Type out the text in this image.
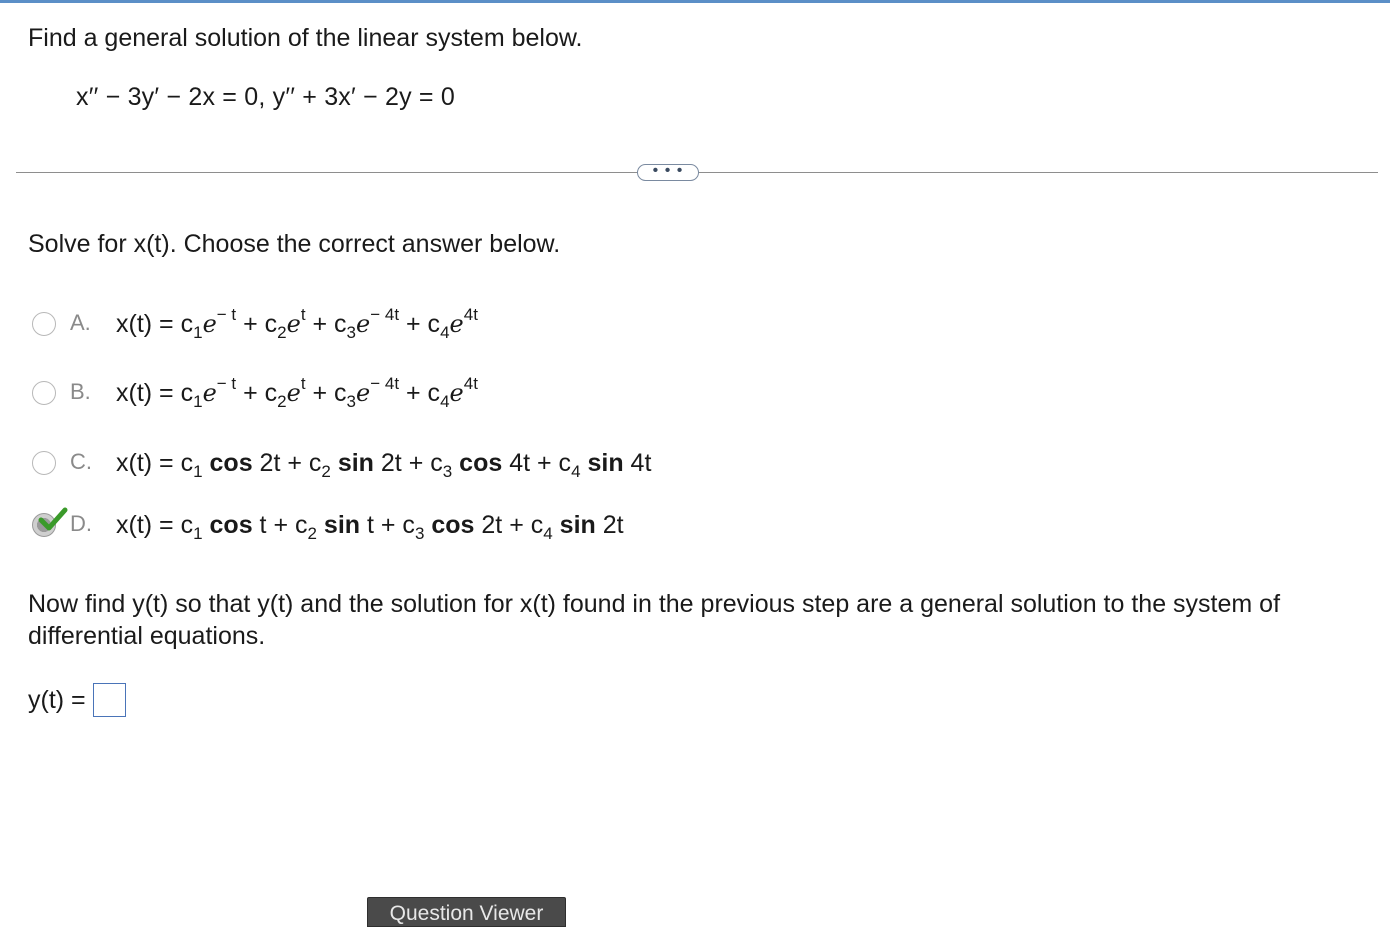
Find a general solution of the linear system below.
x′′ − 3y′ − 2x = 0, y′′ + 3x′ − 2y = 0
• • •
Solve for x(t). Choose the correct answer below.
A. $x(t) = c_1e^{- t} + c_2e^t + c_3e^{- 4t} + c_4e^{4t}$
B. $x(t) = c_1e^{- t} + c_2e^t + c_3e^{- 4t} + c_4e^{4t}$
C. $x(t) = c_1$ $\cos 2t + c_2$ $\sin 2t + c_3$ $\cos 4t + c_4$ sin 4t
D. $x(t) = c_1$ $\cos t + c_2$ $\sin t + c_3$ $\cos 2t + c_4$ sin 2t
Now find y(t) so that y(t) and the solution for x(t) found in the previous step are a general solution to the system of differential equations.
y(t) =
Question Viewer
